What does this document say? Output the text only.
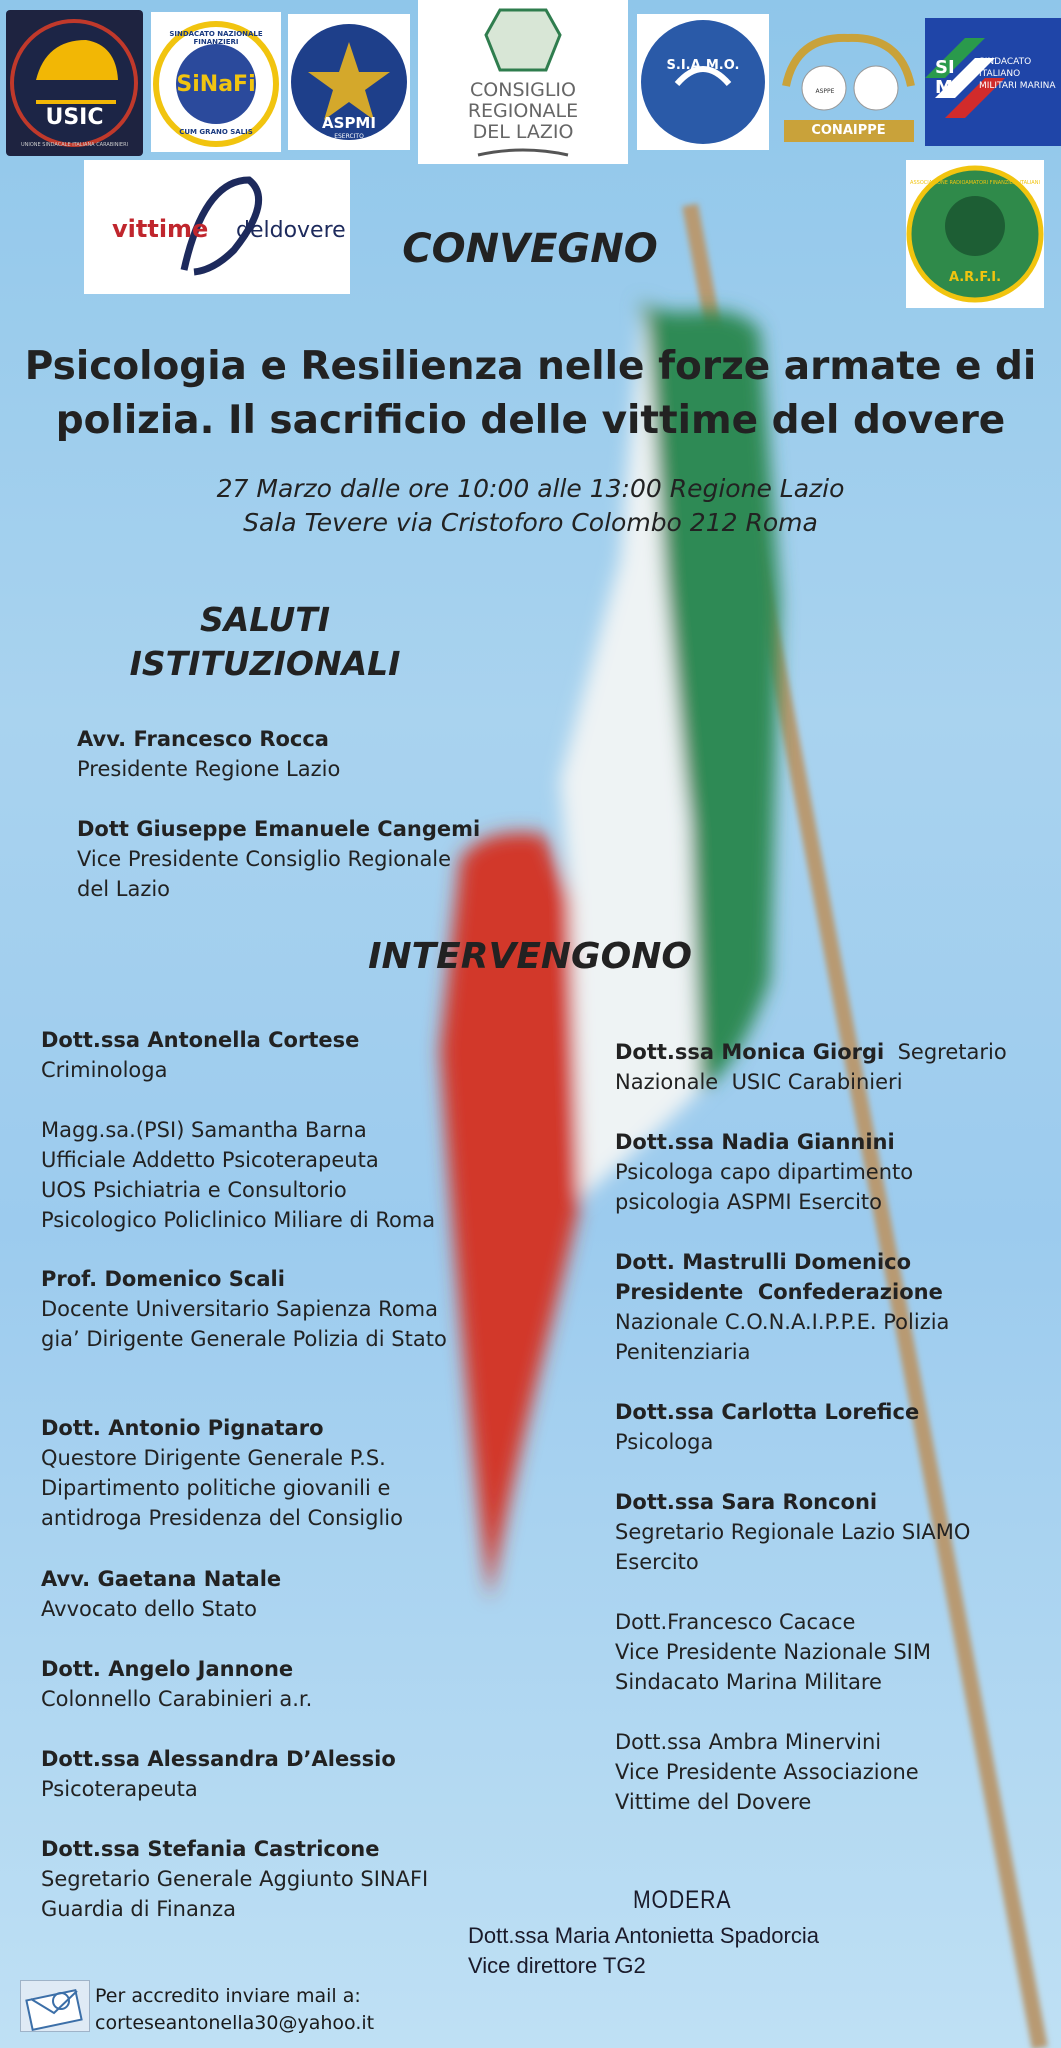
USIC
UNIONE SINDACALE ITALIANA CARABINIERI
SiNaFi
SINDACATO NAZIONALE FINANZIERI
CUM GRANO SALIS	ASPMI
ESERCITO
CONSIGLIO
REGIONALE
DEL LAZIO
S.I.A.M.O.
ASPPE
CONAIPPE
SIM
SINDACATO ITALIANO MILITARI MARINA
vittime deldovere
A.R.F.I.
ASSOCIAZIONE RADIOAMATORI FINANZIERI ITALIANI
CONVEGNO
Psicologia e Resilienza nelle forze armate e di
polizia. Il sacrificio delle vittime del dovere
27 Marzo dalle ore 10:00 alle 13:00 Regione Lazio
Sala Tevere via Cristoforo Colombo 212 Roma
SALUTI
ISTITUZIONALI
Avv. Francesco Rocca
Presidente Regione Lazio
Dott Giuseppe Emanuele Cangemi
Vice Presidente Consiglio Regionale
del Lazio
INTERVENGONO
Dott.ssa Antonella Cortese
Criminologa
Magg.sa.(PSI) Samantha Barna
Ufficiale Addetto Psicoterapeuta
UOS Psichiatria e Consultorio
Psicologico Policlinico Miliare di Roma
Prof. Domenico Scali
Docente Universitario Sapienza Roma
gia’ Dirigente Generale Polizia di Stato
Dott. Antonio Pignataro
Questore Dirigente Generale P.S.
Dipartimento politiche giovanili e
antidroga Presidenza del Consiglio
Avv. Gaetana Natale
Avvocato dello Stato
Dott. Angelo Jannone
Colonnello Carabinieri a.r.
Dott.ssa Alessandra D’Alessio
Psicoterapeuta
Dott.ssa Stefania Castricone
Segretario Generale Aggiunto SINAFI
Guardia di Finanza
Dott.ssa Monica Giorgi  Segretario
Nazionale  USIC Carabinieri
Dott.ssa Nadia Giannini
Psicologa capo dipartimento
psicologia ASPMI Esercito
Dott. Mastrulli Domenico
Presidente  Confederazione
Nazionale C.O.N.A.I.P.P.E. Polizia
Penitenziaria
Dott.ssa Carlotta Lorefice
Psicologa
Dott.ssa Sara Ronconi
Segretario Regionale Lazio SIAMO
Esercito
Dott.Francesco Cacace
Vice Presidente Nazionale SIM
Sindacato Marina Militare
Dott.ssa Ambra Minervini
Vice Presidente Associazione
Vittime del Dovere
MODERA
Dott.ssa Maria Antonietta Spadorcia
Vice direttore TG2
Per accredito inviare mail a:
corteseantonella30@yahoo.it
